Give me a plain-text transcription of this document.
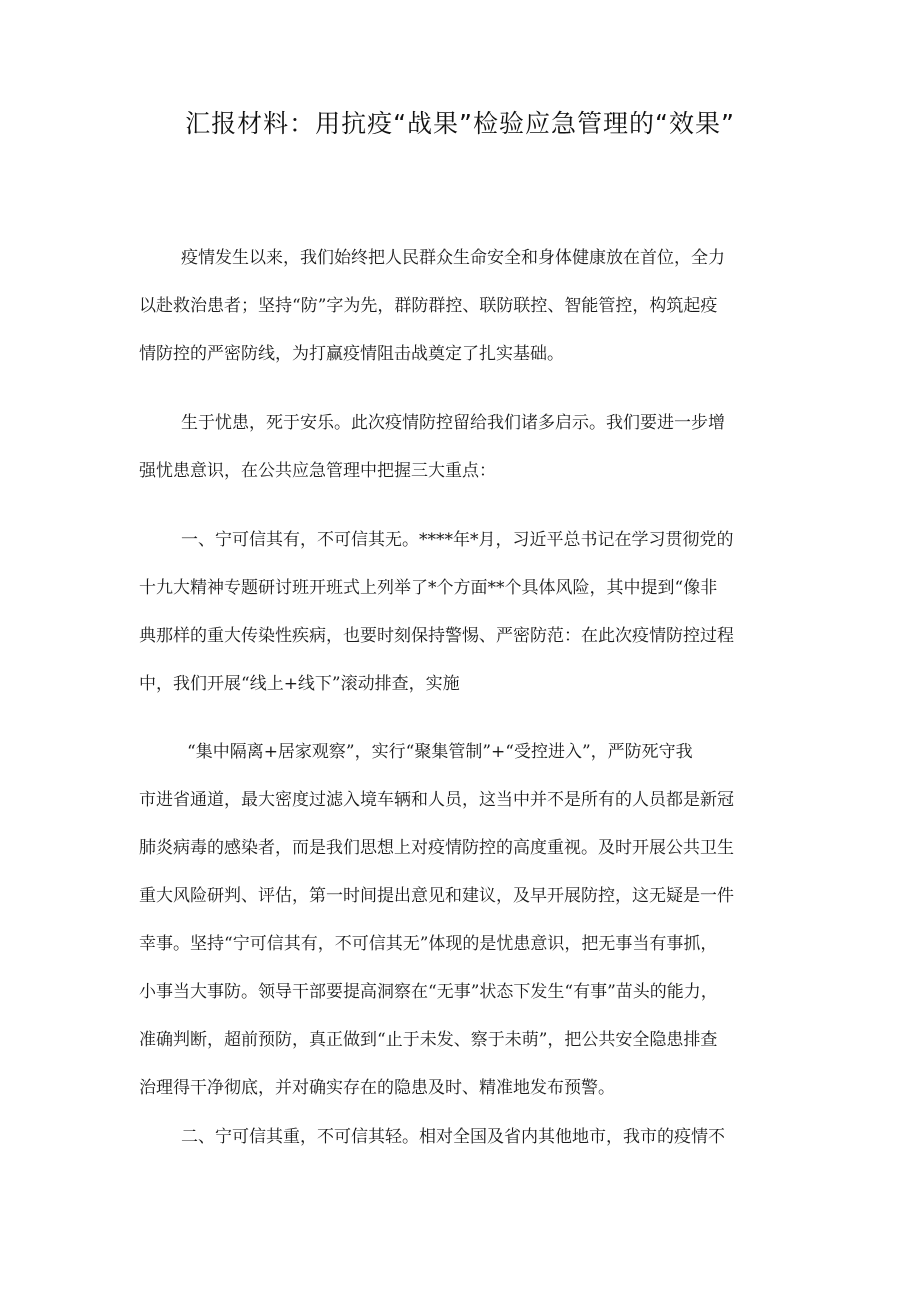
汇报材料：用抗疫“战果”检验应急管理的“效果”
疫情发生以来，我们始终把人民群众生命安全和身体健康放在首位，全力
以赴救治患者；坚持“防”字为先，群防群控、联防联控、智能管控，构筑起疫
情防控的严密防线，为打赢疫情阻击战奠定了扎实基础。
生于忧患，死于安乐。此次疫情防控留给我们诸多启示。我们要进一步增
强忧患意识，在公共应急管理中把握三大重点：
一、宁可信其有，不可信其无。****年*月，习近平总书记在学习贯彻党的
十九大精神专题研讨班开班式上列举了*个方面**个具体风险，其中提到“像非
典那样的重大传染性疾病，也要时刻保持警惕、严密防范：在此次疫情防控过程
中，我们开展“线上+线下”滚动排查，实施
“集中隔离+居家观察”，实行“聚集管制”+“受控进入”，严防死守我
市进省通道，最大密度过滤入境车辆和人员，这当中并不是所有的人员都是新冠
肺炎病毒的感染者，而是我们思想上对疫情防控的高度重视。及时开展公共卫生
重大风险研判、评估，第一时间提出意见和建议，及早开展防控，这无疑是一件
幸事。坚持“宁可信其有，不可信其无”体现的是忧患意识，把无事当有事抓，
小事当大事防。领导干部要提高洞察在“无事”状态下发生“有事”苗头的能力，
准确判断，超前预防，真正做到“止于未发、察于未萌”，把公共安全隐患排查
治理得干净彻底，并对确实存在的隐患及时、精准地发布预警。
二、宁可信其重，不可信其轻。相对全国及省内其他地市，我市的疫情不
